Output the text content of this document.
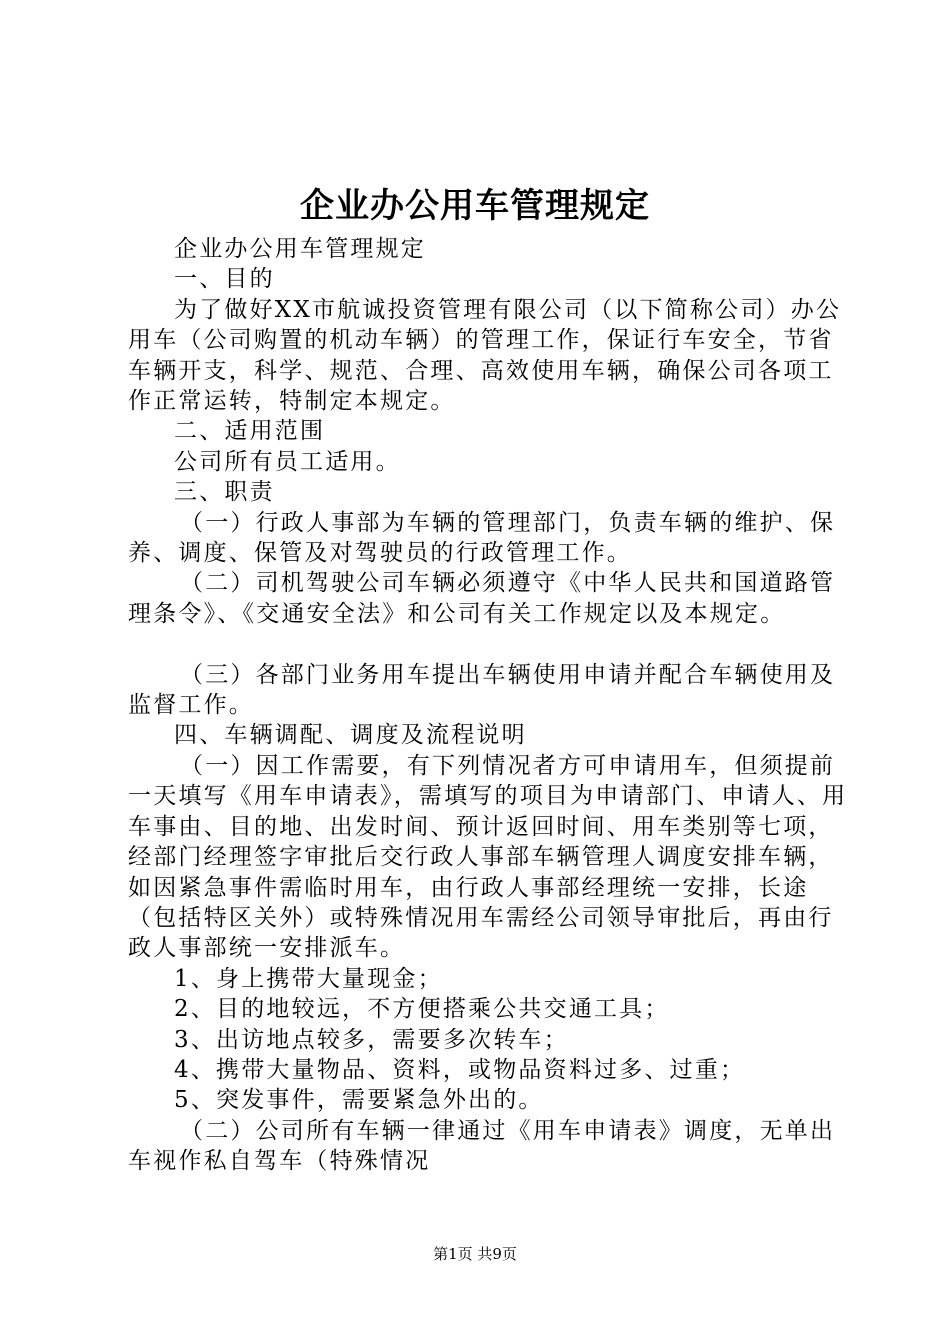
企业办公用车管理规定

企业办公用车管理规定

一、目的

为了做好XX市航诚投资管理有限公司（以下简称公司）办公用车（公司购置的机动车辆）的管理工作，保证行车安全，节省车辆开支，科学、规范、合理、高效使用车辆，确保公司各项工作正常运转，特制定本规定。

二、适用范围

公司所有员工适用。

三、职责

（一）行政人事部为车辆的管理部门，负责车辆的维护、保养、调度、保管及对驾驶员的行政管理工作。

（二）司机驾驶公司车辆必须遵守《中华人民共和国道路管理条令》、《交通安全法》和公司有关工作规定以及本规定。

（三）各部门业务用车提出车辆使用申请并配合车辆使用及监督工作。

四、车辆调配、调度及流程说明

（一）因工作需要，有下列情况者方可申请用车，但须提前一天填写《用车申请表》，需填写的项目为申请部门、申请人、用车事由、目的地、出发时间、预计返回时间、用车类别等七项，经部门经理签字审批后交行政人事部车辆管理人调度安排车辆，如因紧急事件需临时用车，由行政人事部经理统一安排，长途（包括特区关外）或特殊情况用车需经公司领导审批后，再由行政人事部统一安排派车。

1、身上携带大量现金；

2、目的地较远，不方便搭乘公共交通工具；

3、出访地点较多，需要多次转车；

4、携带大量物品、资料，或物品资料过多、过重；

5、突发事件，需要紧急外出的。

（二）公司所有车辆一律通过《用车申请表》调度，无单出车视作私自驾车（特殊情况

第1页 共9页
